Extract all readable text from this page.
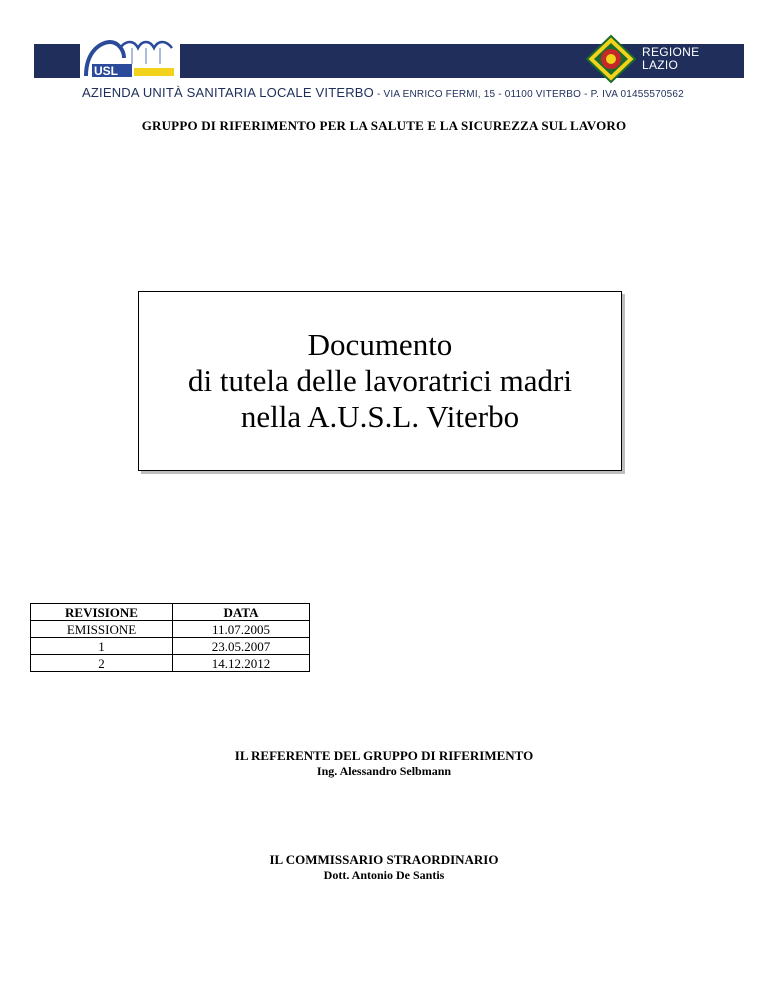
USL
REGIONE
LAZIO
AZIENDA UNITÀ SANITARIA LOCALE VITERBO - VIA ENRICO FERMI, 15 - 01100 VITERBO - P. IVA 01455570562
GRUPPO DI RIFERIMENTO PER LA SALUTE E LA SICUREZZA SUL LAVORO
Documento
di tutela delle lavoratrici madri
nella A.U.S.L. Viterbo
REVISIONE	DATA
EMISSIONE	11.07.2005
1	23.05.2007
2	14.12.2012
IL REFERENTE DEL GRUPPO DI RIFERIMENTO
Ing. Alessandro Selbmann
IL COMMISSARIO STRAORDINARIO
Dott. Antonio De Santis
